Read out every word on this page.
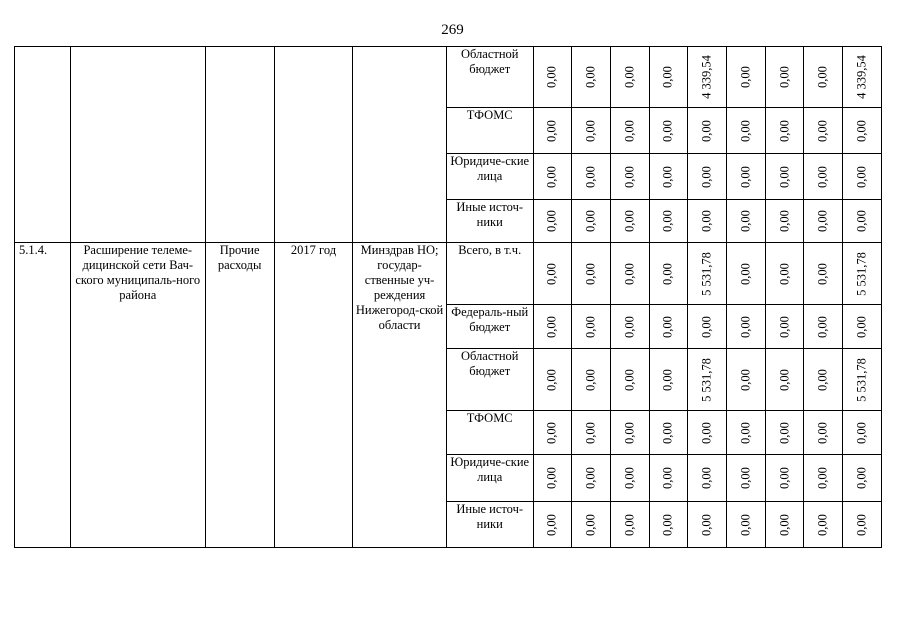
269
					Областной бюджет	0,00	0,00	0,00	0,00	4 339,54	0,00	0,00	0,00	4 339,54

					ТФОМС	0,00	0,00	0,00	0,00	0,00	0,00	0,00	0,00	0,00

					Юридиче-ские лица	0,00	0,00	0,00	0,00	0,00	0,00	0,00	0,00	0,00

					Иные источ-ники	0,00	0,00	0,00	0,00	0,00	0,00	0,00	0,00	0,00

5.1.4.	Расширение телеме-дицинской сети Вач-ского муниципаль-ного района	Прочие расходы	2017 год	Минздрав НО; государ-ственные уч-реждения Нижегород-ской области	Всего, в т.ч.	0,00	0,00	0,00	0,00	5 531,78	0,00	0,00	0,00	5 531,78

					Федераль-ный бюджет	0,00	0,00	0,00	0,00	0,00	0,00	0,00	0,00	0,00

					Областной бюджет	0,00	0,00	0,00	0,00	5 531,78	0,00	0,00	0,00	5 531,78

					ТФОМС	0,00	0,00	0,00	0,00	0,00	0,00	0,00	0,00	0,00

					Юридиче-ские лица	0,00	0,00	0,00	0,00	0,00	0,00	0,00	0,00	0,00

					Иные источ-ники	0,00	0,00	0,00	0,00	0,00	0,00	0,00	0,00	0,00
